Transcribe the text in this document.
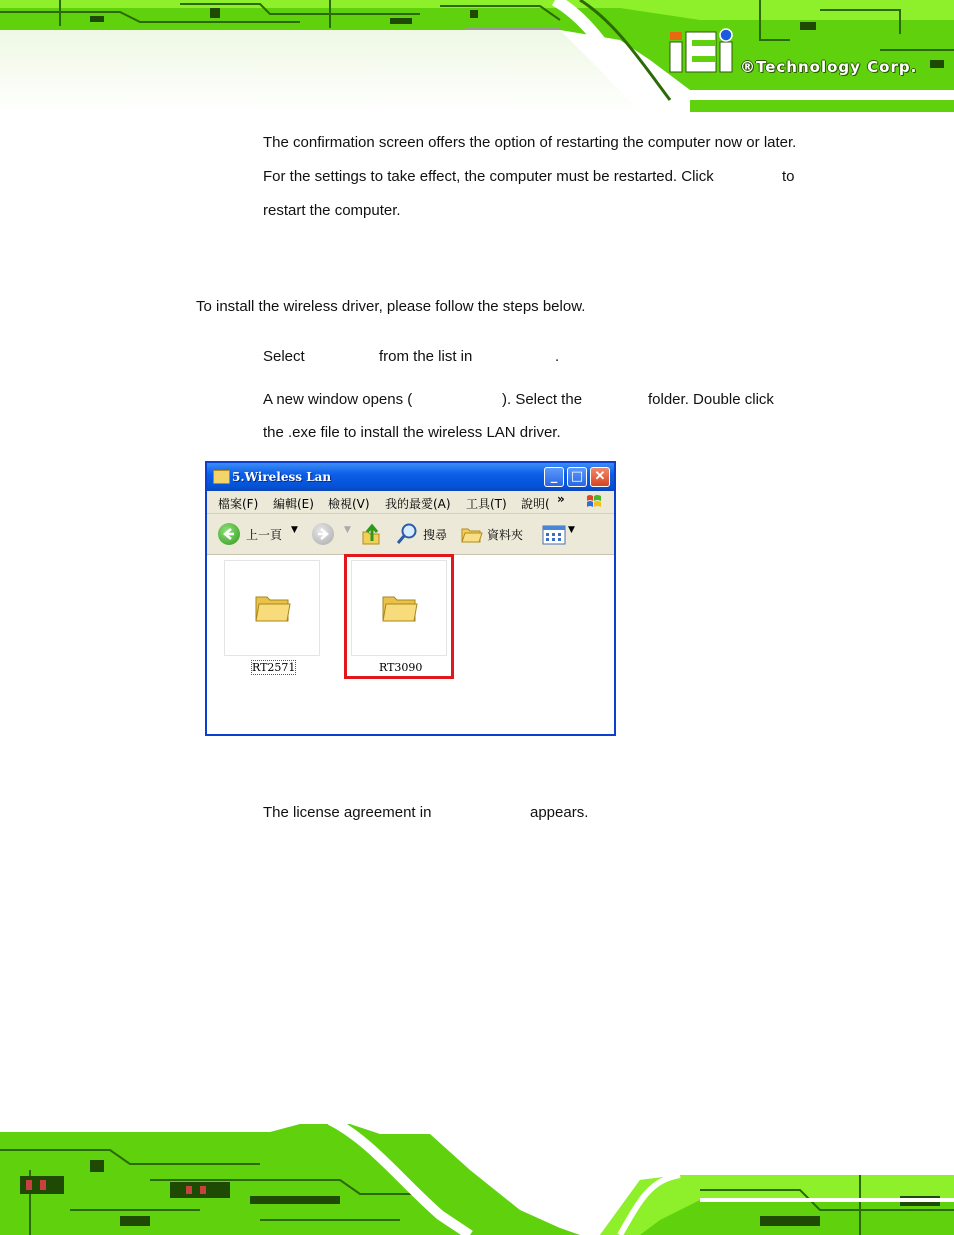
®Technology Corp.

The confirmation screen offers the option of restarting the computer now or later.

For the settings to take effect, the computer must be restarted. Click	to

restart the computer.

To install the wireless driver, please follow the steps below.

Select	from the list in	.

A new window opens (	). Select the	folder. Double click

the .exe file to install the wireless LAN driver.

5.Wireless Lan	_	□ ✕
檔案(F) 編輯(E) 檢視(V) 我的最愛(A) 工具(T) 說明( »
上一頁 ▼	▼	搜尋	資料夾	▼
RT2571	RT3090

The license agreement in	appears.
